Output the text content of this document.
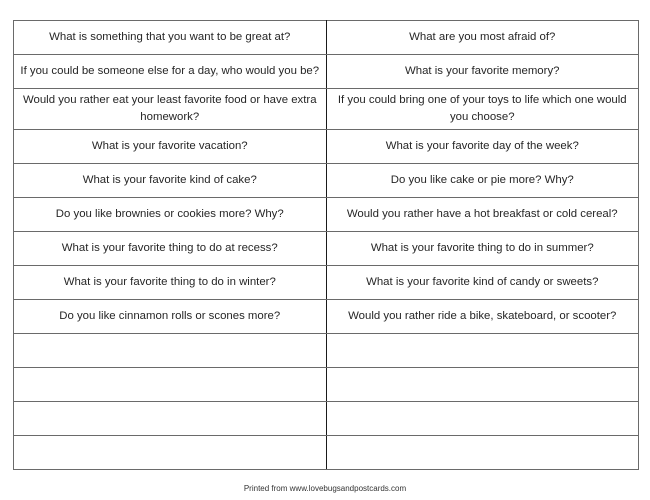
What is something that you want to be great at?	What are you most afraid of?
If you could be someone else for a day, who would you be?	What is your favorite memory?
Would you rather eat your least favorite food or have extra homework?	If you could bring one of your toys to life which one would you choose?
What is your favorite vacation?	What is your favorite day of the week?
What is your favorite kind of cake?	Do you like cake or pie more? Why?
Do you like brownies or cookies more? Why?	Would you rather have a hot breakfast or cold cereal?
What is your favorite thing to do at recess?	What is your favorite thing to do in summer?
What is your favorite thing to do in winter?	What is your favorite kind of candy or sweets?
Do you like cinnamon rolls or scones more?	Would you rather ride a bike, skateboard, or scooter?

Printed from www.lovebugsandpostcards.com
